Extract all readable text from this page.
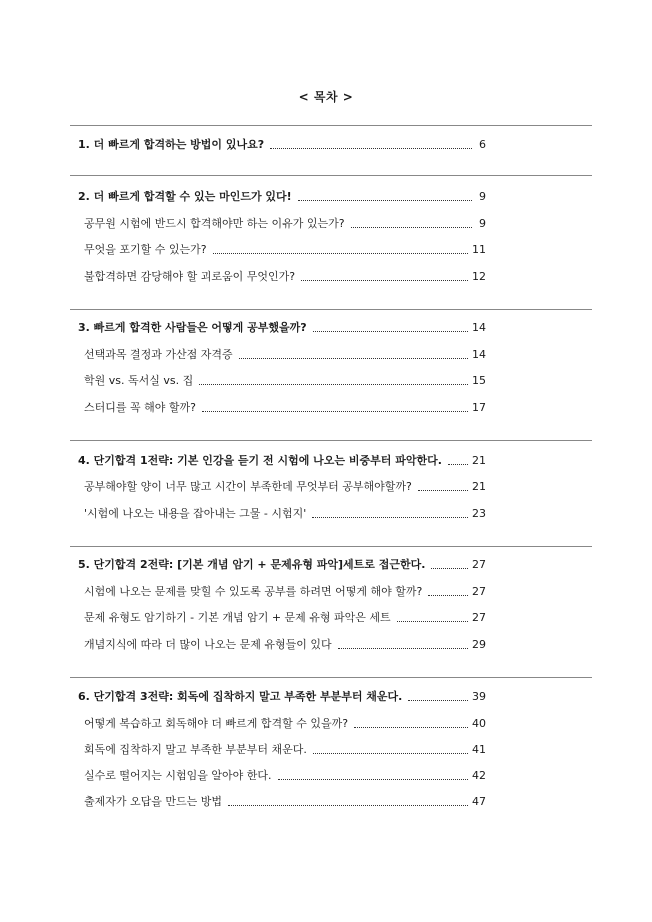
< 목차 >
1. 더 빠르게 합격하는 방법이 있나요?	6
2. 더 빠르게 합격할 수 있는 마인드가 있다!	9
공무원 시험에 반드시 합격해야만 하는 이유가 있는가?	9
무엇을 포기할 수 있는가?	11
불합격하면 감당해야 할 괴로움이 무엇인가?	12
3. 빠르게 합격한 사람들은 어떻게 공부했을까?	14
선택과목 결정과 가산점 자격증	14
학원 vs. 독서실 vs. 집	15
스터디를 꼭 해야 할까?	17
4. 단기합격 1전략: 기본 인강을 듣기 전 시험에 나오는 비중부터 파악한다.	21
공부해야할 양이 너무 많고 시간이 부족한데 무엇부터 공부해야할까?	21
'시험에 나오는 내용을 잡아내는 그물 - 시험지'	23
5. 단기합격 2전략: [기본 개념 암기 + 문제유형 파악]세트로 접근한다.	27
시험에 나오는 문제를 맞힐 수 있도록 공부를 하려면 어떻게 해야 할까?	27
문제 유형도 암기하기 - 기본 개념 암기 + 문제 유형 파악은 세트	27
개념지식에 따라 더 많이 나오는 문제 유형들이 있다	29
6. 단기합격 3전략: 회독에 집착하지 말고 부족한 부분부터 채운다.	39
어떻게 복습하고 회독해야 더 빠르게 합격할 수 있을까?	40
회독에 집착하지 말고 부족한 부분부터 채운다.	41
실수로 떨어지는 시험임을 알아야 한다.	42
출제자가 오답을 만드는 방법	47
